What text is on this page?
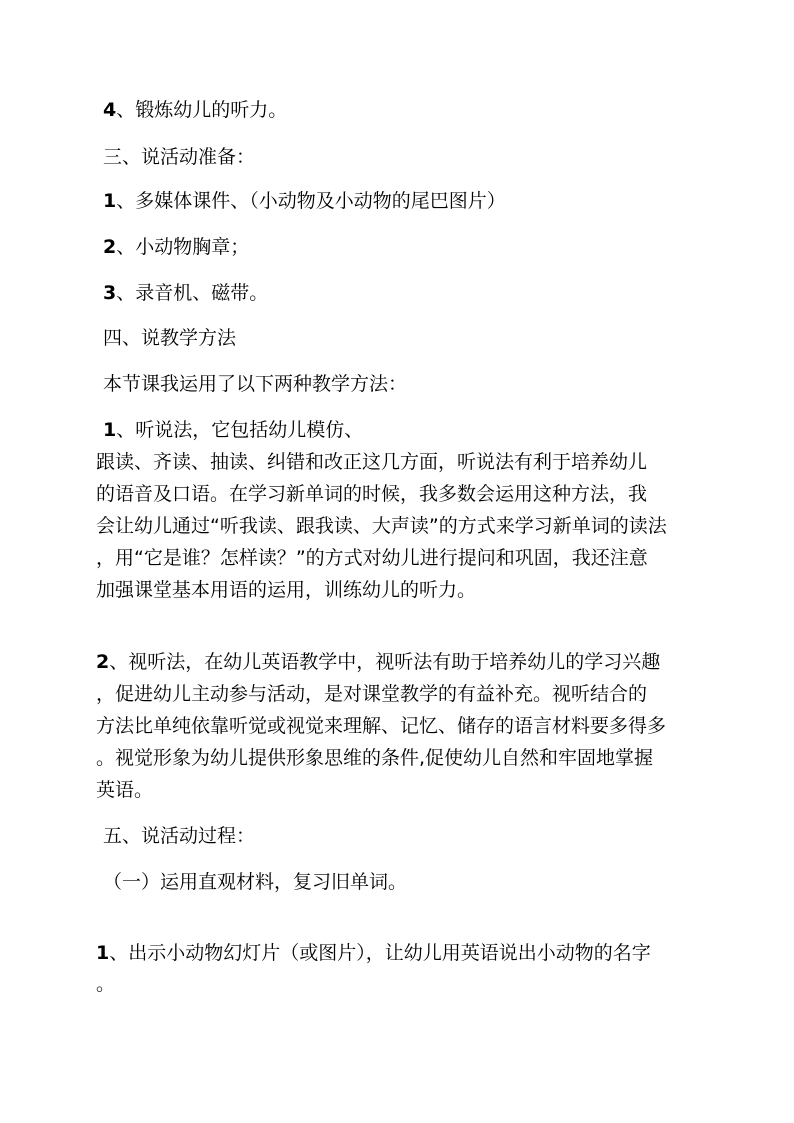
4、锻炼幼儿的听力。
三、说活动准备：
1、多媒体课件、（小动物及小动物的尾巴图片）
2、小动物胸章；
3、录音机、磁带。
四、说教学方法
本节课我运用了以下两种教学方法：
1、听说法，它包括幼儿模仿、
跟读、齐读、抽读、纠错和改正这几方面，听说法有利于培养幼儿
的语音及口语。在学习新单词的时候，我多数会运用这种方法，我
会让幼儿通过“听我读、跟我读、大声读”的方式来学习新单词的读法
，用“它是谁？怎样读？”的方式对幼儿进行提问和巩固，我还注意
加强课堂基本用语的运用，训练幼儿的听力。
2、视听法，在幼儿英语教学中，视听法有助于培养幼儿的学习兴趣
，促进幼儿主动参与活动，是对课堂教学的有益补充。视听结合的
方法比单纯依靠听觉或视觉来理解、记忆、储存的语言材料要多得多
。视觉形象为幼儿提供形象思维的条件,促使幼儿自然和牢固地掌握
英语。
五、说活动过程：
（一）运用直观材料，复习旧单词。
1、出示小动物幻灯片（或图片），让幼儿用英语说出小动物的名字
。
